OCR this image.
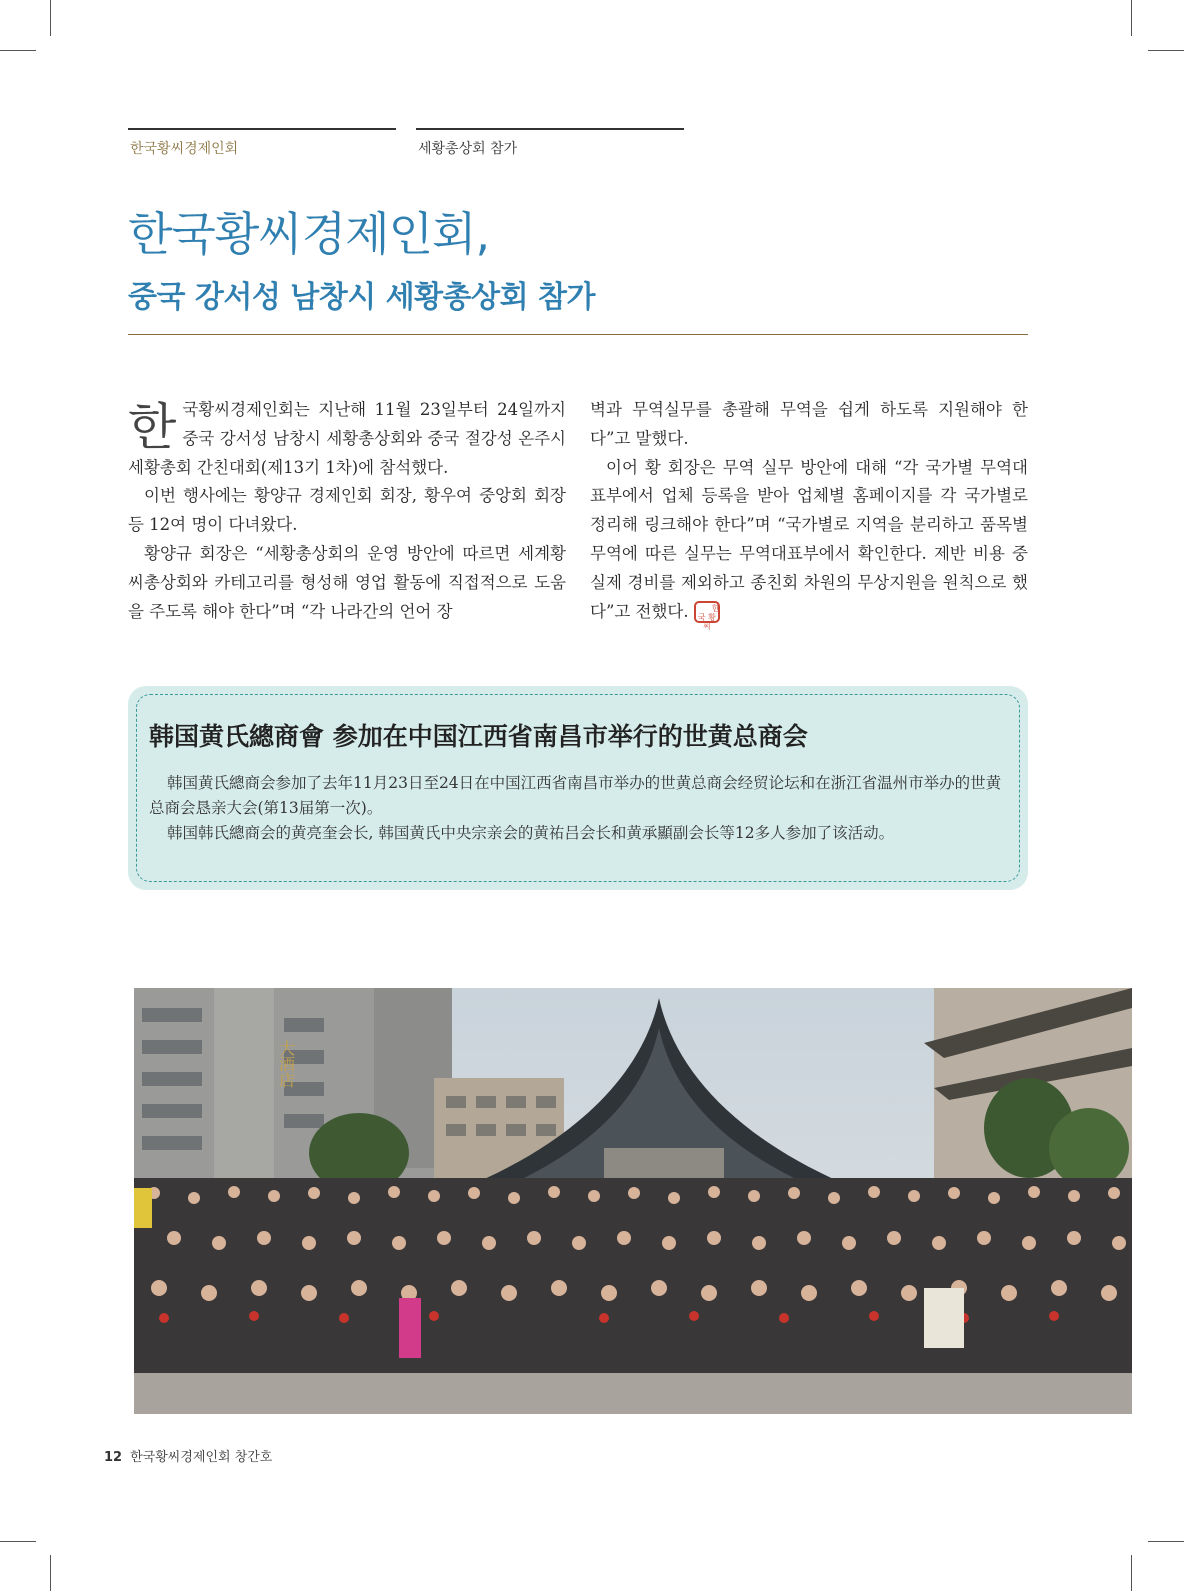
한국황씨경제인회	세황총상회 참가
한국황씨경제인회,
중국 강서성 남창시 세황총상회 참가

한국황씨경제인회는 지난해 11월 23일부터 24일까지 중국 강서성 남창시 세황총상회와 중국 절강성 온주시 세황총회 간친대회(제13기 1차)에 참석했다.

이번 행사에는 황양규 경제인회 회장, 황우여 중앙회 회장 등 12여 명이 다녀왔다.

황양규 회장은 “세황총상회의 운영 방안에 따르면 세계황씨총상회와 카테고리를 형성해 영업 활동에 직접적으로 도움을 주도록 해야 한다”며 “각 나라간의 언어 장

벽과 무역실무를 총괄해 무역을 쉽게 하도록 지원해야 한다”고 말했다.

이어 황 회장은 무역 실무 방안에 대해 “각 국가별 무역대표부에서 업체 등록을 받아 업체별 홈페이지를 각 국가별로 정리해 링크해야 한다”며 “국가별로 지역을 분리하고 품목별 무역에 따른 실무는 무역대표부에서 확인한다. 제반 비용 중 실제 경비를 제외하고 종친회 차원의 무상지원을 원칙으로 했다”고 전했다.	한국 황씨

韩国黄氏總商會 参加在中国江西省南昌市举行的世黄总商会

韩国黄氏總商会参加了去年11月23日至24日在中国江西省南昌市举办的世黄总商会经贸论坛和在浙江省温州市举办的世黄总商会恳亲大会(第13届第一次)。

韩国韩氏總商会的黄亮奎会长, 韩国黄氏中央宗亲会的黄祐吕会长和黄承顯副会长等12多人参加了该活动。

大酒店
12 한국황씨경제인회 창간호
